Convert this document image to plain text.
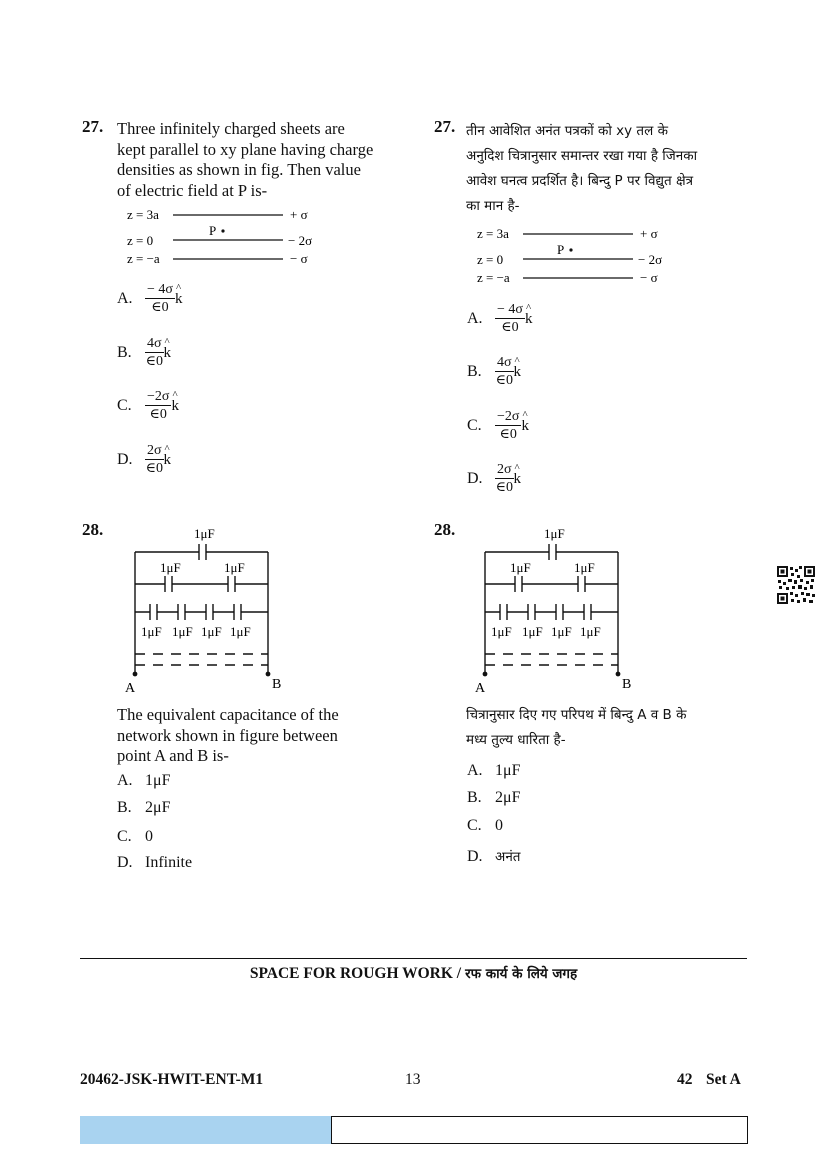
27. Three infinitely charged sheets are
kept parallel to xy plane having charge
densities as shown in fig. Then value
of electric field at P is-
z = 3a	+ σ
P
z = 0	− 2σ
z = −a	− σ
A. $\frac{- 4\sigma}{\in 0}$ ^ k
B. $\frac{4\sigma}{\in 0}$ ^ k
C. $\frac{-2\sigma}{\in 0}$ ^ k
D. $\frac{2\sigma}{\in 0}$ ^ k
27. तीन आवेशित अनंत पत्रकों को xy तल के
अनुदिश चित्रानुसार समान्तर रखा गया है जिनका
आवेश घनत्व प्रदर्शित है। बिन्दु P पर विद्युत क्षेत्र
का मान है-
z = 3a	+ σ
P
z = 0	− 2σ
z = −a	− σ
A. $\frac{- 4\sigma}{\in 0}$ ^ k
B. $\frac{4\sigma}{\in 0}$ ^ k
C. $\frac{-2\sigma}{\in 0}$ ^ k
D. $\frac{2\sigma}{\in 0}$ ^ k
28.	1μF
1μF	1μF
1μF 1μF 1μF 1μF
A	B
The equivalent capacitance of the
network shown in figure between
point A and B is-
A. 1μF
B. 2μF
C. 0
D. Infinite
28.	1μF
1μF	1μF
1μF 1μF 1μF 1μF
A	B
चित्रानुसार दिए गए परिपथ में बिन्दु A व B के
मध्य तुल्य धारिता है-
A. 1μF
B. 2μF
C. 0
D. अनंत
SPACE FOR ROUGH WORK / रफ कार्य के लिये जगह
20462-JSK-HWIT-ENT-M1	13	42 Set A
